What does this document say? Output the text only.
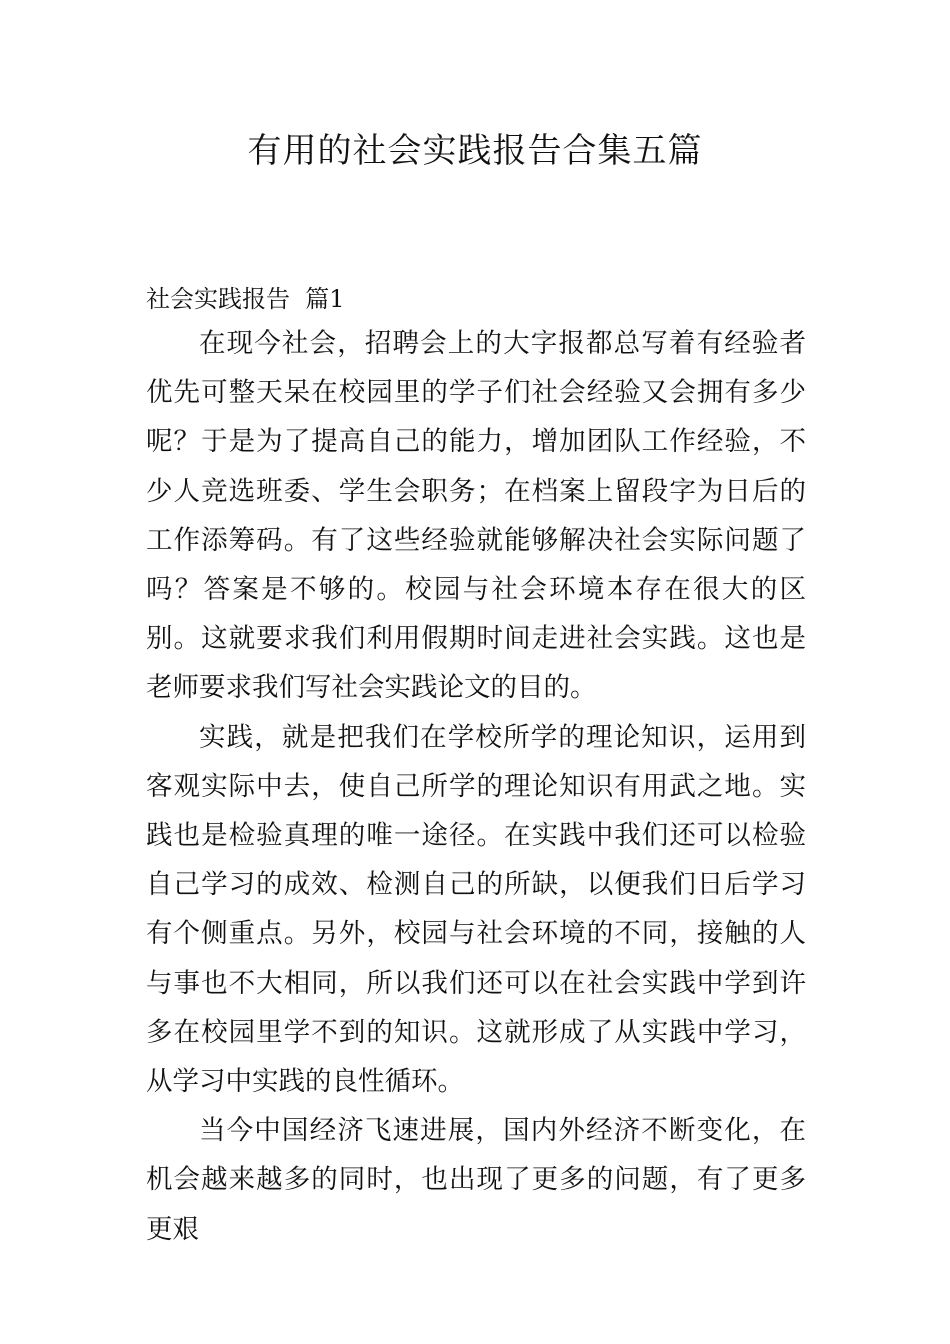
有用的社会实践报告合集五篇

社会实践报告  篇1

在现今社会，招聘会上的大字报都总写着有经验者优先可整天呆在校园里的学子们社会经验又会拥有多少呢？于是为了提高自己的能力，增加团队工作经验，不少人竞选班委、学生会职务；在档案上留段字为日后的工作添筹码。有了这些经验就能够解决社会实际问题了吗？答案是不够的。校园与社会环境本存在很大的区别。这就要求我们利用假期时间走进社会实践。这也是老师要求我们写社会实践论文的目的。

实践，就是把我们在学校所学的理论知识，运用到客观实际中去，使自己所学的理论知识有用武之地。实践也是检验真理的唯一途径。在实践中我们还可以检验自己学习的成效、检测自己的所缺，以便我们日后学习有个侧重点。另外，校园与社会环境的不同，接触的人与事也不大相同，所以我们还可以在社会实践中学到许多在校园里学不到的知识。这就形成了从实践中学习，从学习中实践的良性循环。

当今中国经济飞速进展，国内外经济不断变化，在机会越来越多的同时，也出现了更多的问题，有了更多更艰
